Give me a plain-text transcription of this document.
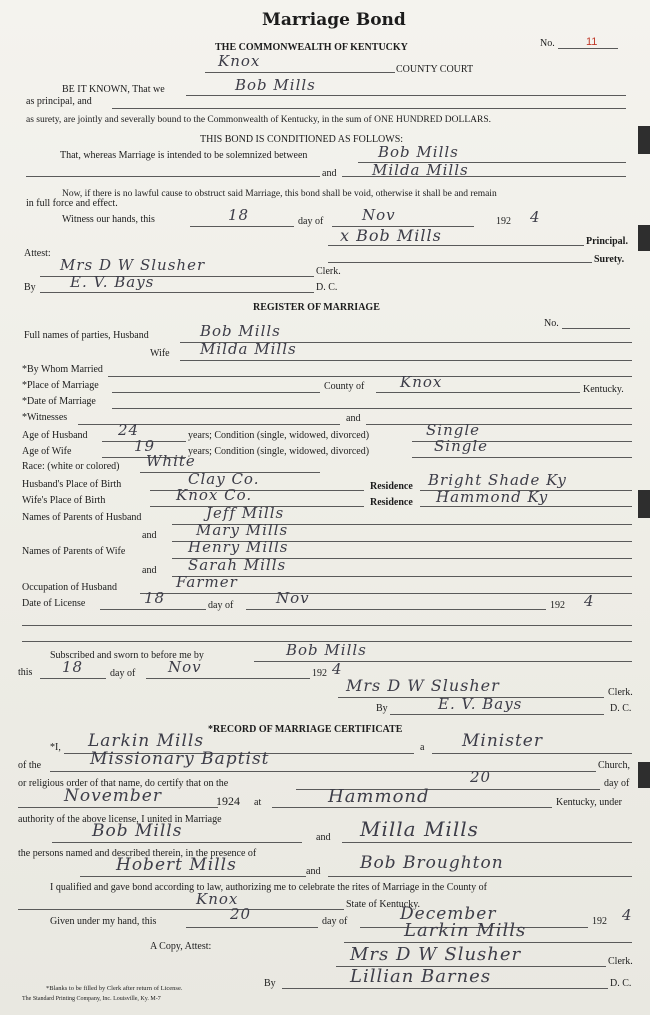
Marriage Bond
THE COMMONWEALTH OF KENTUCKY	No.	11
Knox	COUNTY COURT
BE IT KNOWN, That we	Bob Mills
as principal, and
as surety, are jointly and severally bound to the Commonwealth of Kentucky, in the sum of ONE HUNDRED DOLLARS.
THIS BOND IS CONDITIONED AS FOLLOWS:
That, whereas Marriage is intended to be solemnized between	Bob Mills
and Milda Mills
Now, if there is no lawful cause to obstruct said Marriage, this bond shall be void, otherwise it shall be and remain
in full force and effect.
Witness our hands, this	18	day of	Nov	192 4
x Bob Mills	Principal.
Attest:
Surety.
Mrs D W Slusher	Clerk.
By E. V. Bays	D. C.
REGISTER OF MARRIAGE
No.
Full names of parties, Husband	Bob Mills
Wife Milda Mills
*By Whom Married
*Place of Marriage	County of Knox	Kentucky.
*Date of Marriage
*Witnesses	and
Age of Husband 24	years; Condition (single, widowed, divorced)	Single
Age of Wife	19	years; Condition (single, widowed, divorced)	Single
Race: (white or colored) White
Husband's Place of Birth	Clay Co.	Residence Bright Shade Ky
Wife's Place of Birth	Knox Co.	Residence Hammond Ky
Names of Parents of Husband	Jeff Mills
and	Mary Mills
Names of Parents of Wife	Henry Mills
and Sarah Mills
Occupation of Husband	Farmer
Date of License	18	day of	Nov	192 4
Subscribed and sworn to before me by	Bob Mills
this 18	day of Nov	192 4
Mrs D W Slusher	Clerk.
By	E. V. Bays	D. C.
*RECORD OF MARRIAGE CERTIFICATE
*I, Larkin Mills	a Minister
of the	Missionary Baptist	Church,
or religious order of that name, do certify that on the	20	day of
November	1924 at	Hammond	Kentucky, under
authority of the above license, I united in Marriage
Bob Mills	and Milla Mills
the persons named and described therein, in the presence of
Hobert Mills	and Bob Broughton
I qualified and gave bond according to law, authorizing me to celebrate the rites of Marriage in the County of
Knox	State of Kentucky.
Given under my hand, this	20	day of	December	192 4
Larkin Mills
A Copy, Attest:	Mrs D W Slusher	Clerk.
By	Lillian Barnes	D. C.
*Blanks to be filled by Clerk after return of License.
The Standard Printing Company, Inc. Louisville, Ky. M-7
